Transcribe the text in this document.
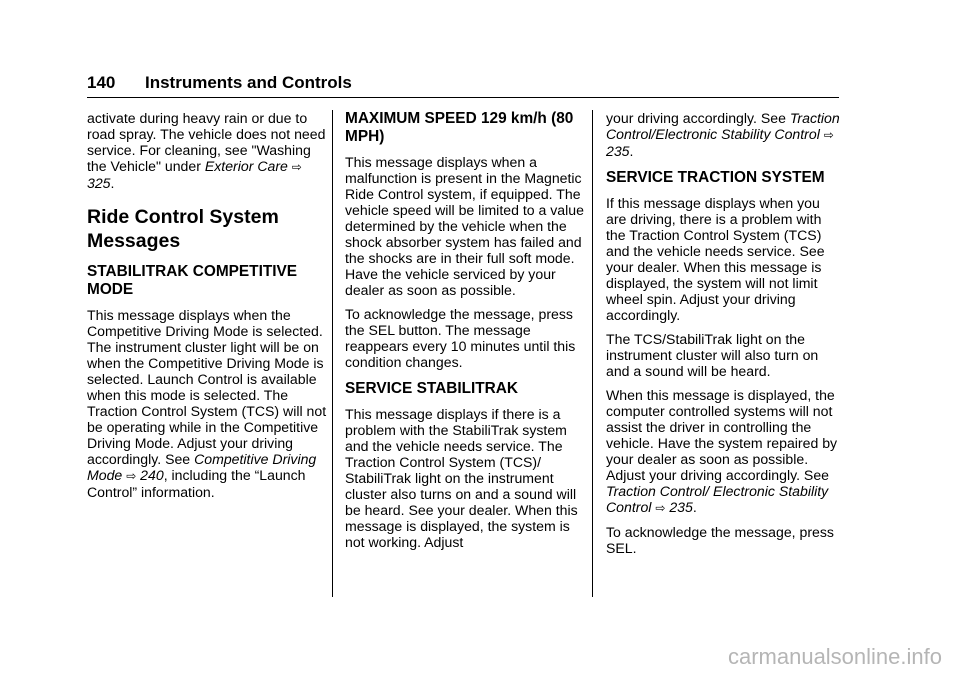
140 Instruments and Controls

activate during heavy rain or due to road spray. The vehicle does not need service. For cleaning, see "Washing the Vehicle" under Exterior Care ⇨ 325.

Ride Control System Messages
STABILITRAK COMPETITIVE MODE

This message displays when the Competitive Driving Mode is selected. The instrument cluster light will be on when the Competitive Driving Mode is selected. Launch Control is available when this mode is selected. The Traction Control System (TCS) will not be operating while in the Competitive Driving Mode. Adjust your driving accordingly. See Competitive Driving Mode ⇨ 240, including the “Launch Control” information.

MAXIMUM SPEED 129 km/h (80 MPH)

This message displays when a malfunction is present in the Magnetic Ride Control system, if equipped. The vehicle speed will be limited to a value determined by the vehicle when the shock absorber system has failed and the shocks are in their full soft mode. Have the vehicle serviced by your dealer as soon as possible.

To acknowledge the message, press the SEL button. The message reappears every 10 minutes until this condition changes.

SERVICE STABILITRAK

This message displays if there is a problem with the StabiliTrak system and the vehicle needs service. The Traction Control System (TCS)/ StabiliTrak light on the instrument cluster also turns on and a sound will be heard. See your dealer. When this message is displayed, the system is not working. Adjust

your driving accordingly. See Traction Control/Electronic Stability Control ⇨ 235.

SERVICE TRACTION SYSTEM

If this message displays when you are driving, there is a problem with the Traction Control System (TCS) and the vehicle needs service. See your dealer. When this message is displayed, the system will not limit wheel spin. Adjust your driving accordingly.

The TCS/StabiliTrak light on the instrument cluster will also turn on and a sound will be heard.

When this message is displayed, the computer controlled systems will not assist the driver in controlling the vehicle. Have the system repaired by your dealer as soon as possible. Adjust your driving accordingly. See Traction Control/ Electronic Stability Control ⇨ 235.

To acknowledge the message, press SEL.

carmanualsonline.info
